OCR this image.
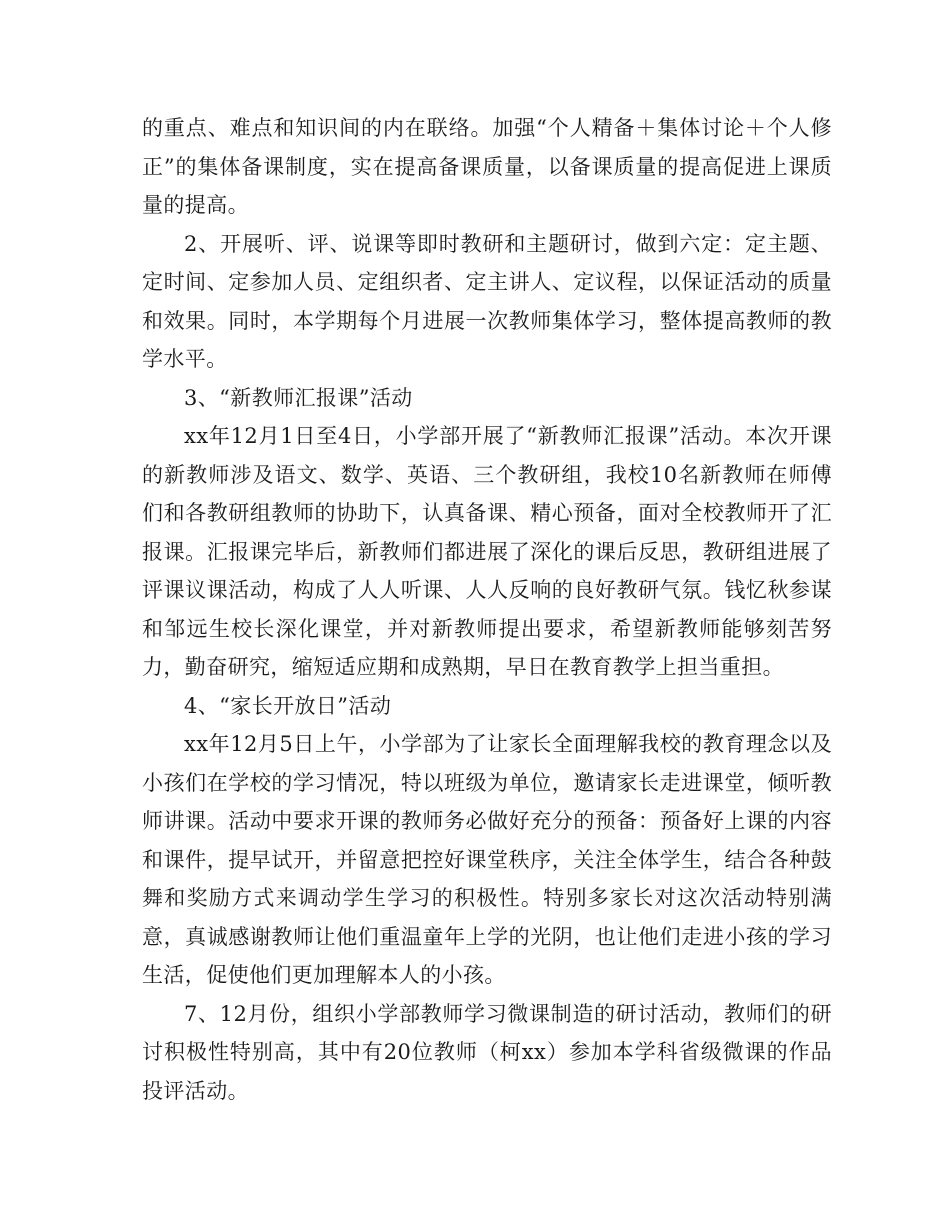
的重点、难点和知识间的内在联络。加强“个人精备＋集体讨论＋个人修正”的集体备课制度，实在提高备课质量，以备课质量的提高促进上课质量的提高。

2、开展听、评、说课等即时教研和主题研讨，做到六定：定主题、定时间、定参加人员、定组织者、定主讲人、定议程，以保证活动的质量和效果。同时，本学期每个月进展一次教师集体学习，整体提高教师的教学水平。

3、“新教师汇报课”活动

xx年12月1日至4日，小学部开展了“新教师汇报课”活动。本次开课的新教师涉及语文、数学、英语、三个教研组，我校10名新教师在师傅们和各教研组教师的协助下，认真备课、精心预备，面对全校教师开了汇报课。汇报课完毕后，新教师们都进展了深化的课后反思，教研组进展了评课议课活动，构成了人人听课、人人反响的良好教研气氛。钱忆秋参谋和邹远生校长深化课堂，并对新教师提出要求，希望新教师能够刻苦努力，勤奋研究，缩短适应期和成熟期，早日在教育教学上担当重担。

4、“家长开放日”活动

xx年12月5日上午，小学部为了让家长全面理解我校的教育理念以及小孩们在学校的学习情况，特以班级为单位，邀请家长走进课堂，倾听教师讲课。活动中要求开课的教师务必做好充分的预备：预备好上课的内容和课件，提早试开，并留意把控好课堂秩序，关注全体学生，结合各种鼓舞和奖励方式来调动学生学习的积极性。特别多家长对这次活动特别满意，真诚感谢教师让他们重温童年上学的光阴，也让他们走进小孩的学习生活，促使他们更加理解本人的小孩。

7、12月份，组织小学部教师学习微课制造的研讨活动，教师们的研讨积极性特别高，其中有20位教师（柯xx）参加本学科省级微课的作品投评活动。
